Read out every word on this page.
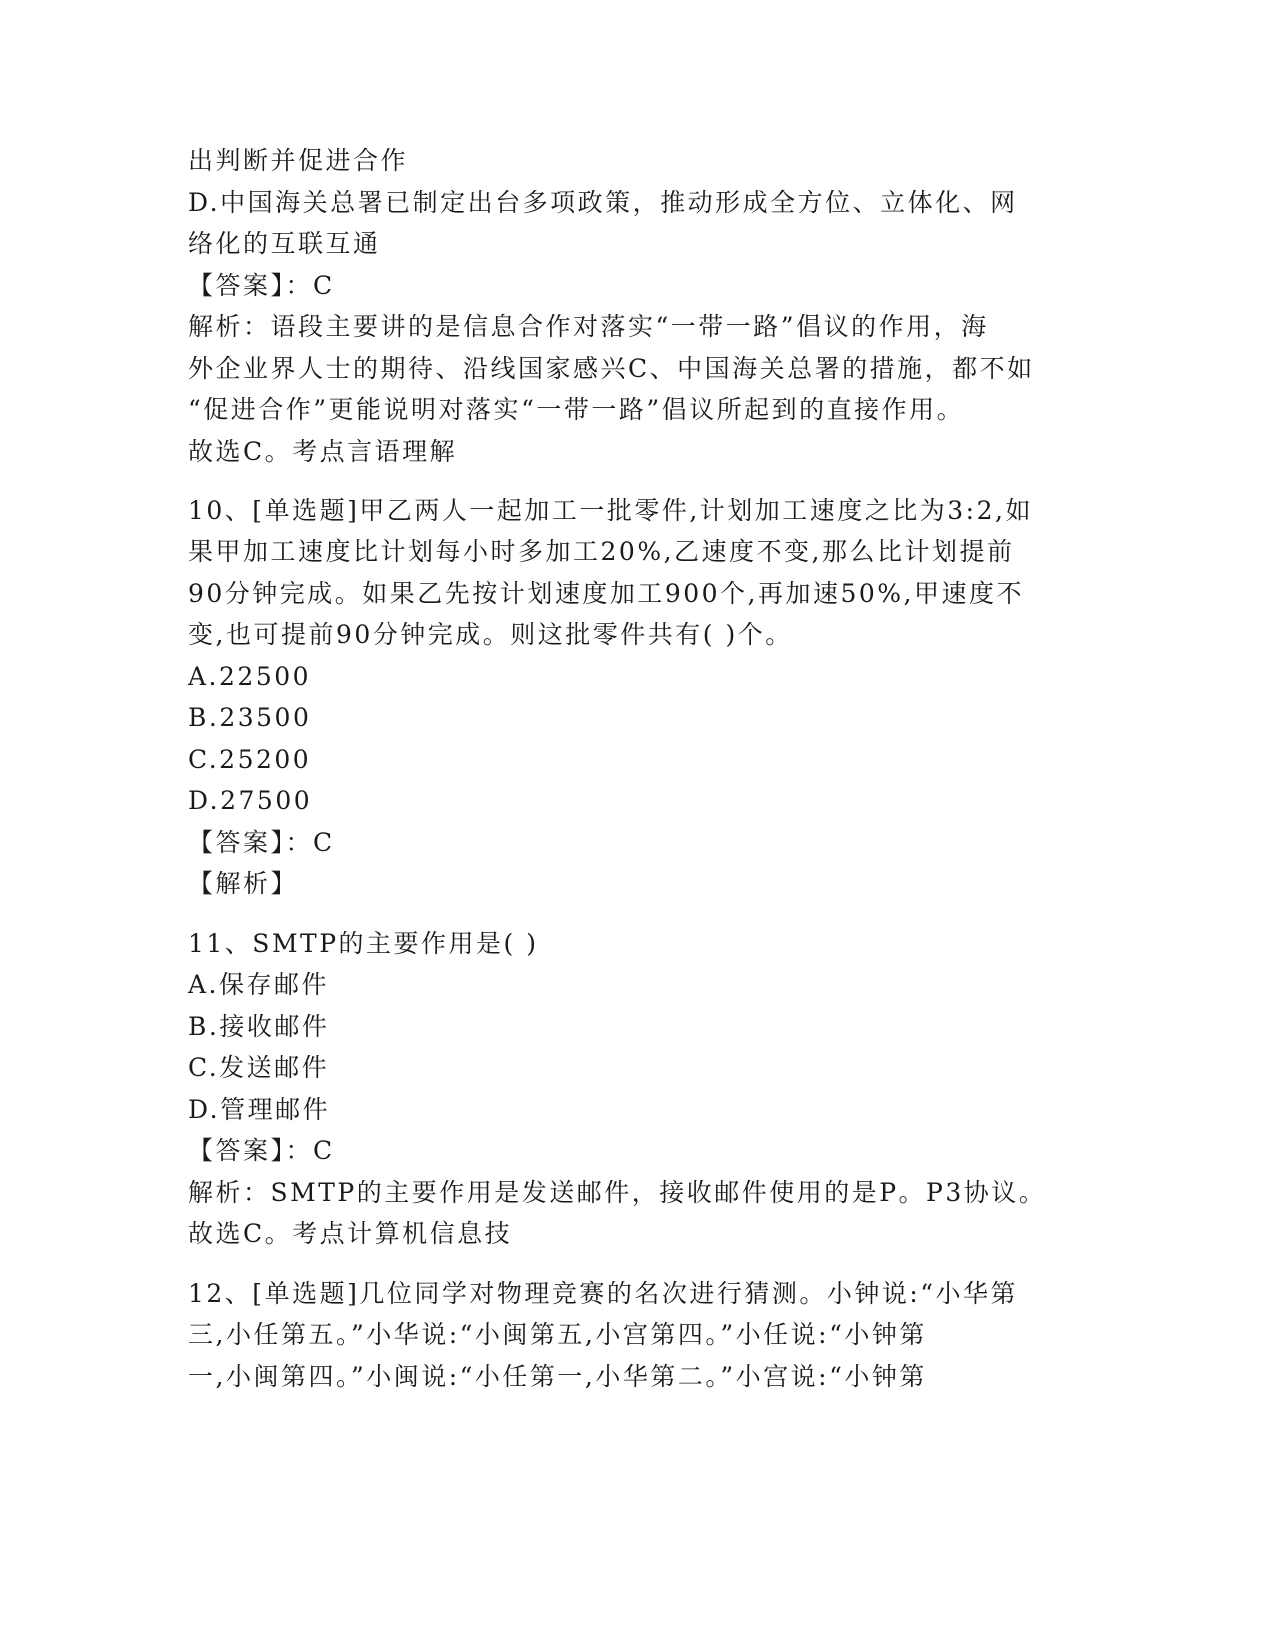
出判断并促进合作
D.中国海关总署已制定出台多项政策，推动形成全方位、立体化、网
络化的互联互通
【答案】：C
解析：语段主要讲的是信息合作对落实“一带一路”倡议的作用，海
外企业界人士的期待、沿线国家感兴C、中国海关总署的措施，都不如
“促进合作”更能说明对落实“一带一路”倡议所起到的直接作用。
故选C。考点言语理解
10、[单选题]甲乙两人一起加工一批零件,计划加工速度之比为3:2,如
果甲加工速度比计划每小时多加工20%,乙速度不变,那么比计划提前
90分钟完成。如果乙先按计划速度加工900个,再加速50%,甲速度不
变,也可提前90分钟完成。则这批零件共有( )个。
A.22500
B.23500
C.25200
D.27500
【答案】：C
【解析】
11、SMTP的主要作用是( )
A.保存邮件
B.接收邮件
C.发送邮件
D.管理邮件
【答案】：C
解析：SMTP的主要作用是发送邮件，接收邮件使用的是P。P3协议。
故选C。考点计算机信息技
12、[单选题]几位同学对物理竞赛的名次进行猜测。小钟说:“小华第
三,小任第五。”小华说:“小闽第五,小宫第四。”小任说:“小钟第
一,小闽第四。”小闽说:“小任第一,小华第二。”小宫说:“小钟第
